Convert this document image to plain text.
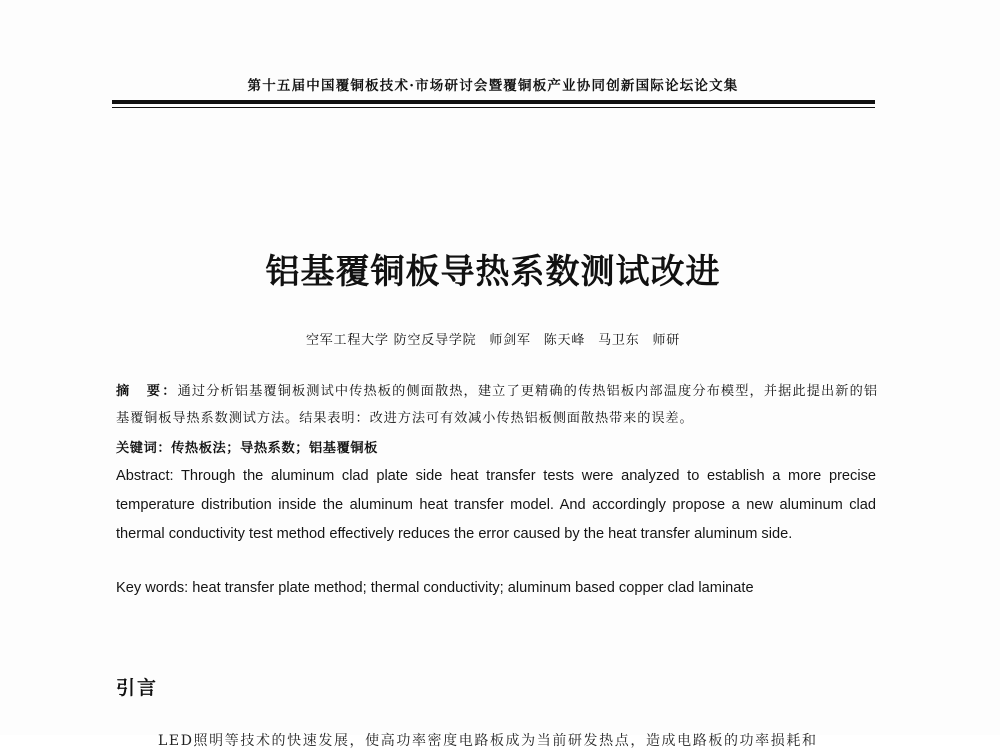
第十五届中国覆铜板技术·市场研讨会暨覆铜板产业协同创新国际论坛论文集
铝基覆铜板导热系数测试改进
空军工程大学 防空反导学院 师剑军 陈天峰 马卫东 师研
摘　要：通过分析铝基覆铜板测试中传热板的侧面散热，建立了更精确的传热铝板内部温度分布模型，并据此提出新的铝基覆铜板导热系数测试方法。结果表明：改进方法可有效减小传热铝板侧面散热带来的误差。
关键词：传热板法；导热系数；铝基覆铜板
Abstract: Through the aluminum clad plate side heat transfer tests were analyzed to establish a more precise temperature distribution inside the aluminum heat transfer model. And accordingly propose a new aluminum clad thermal conductivity test method effectively reduces the error caused by the heat transfer aluminum side.
Key words: heat transfer plate method; thermal conductivity; aluminum based copper clad laminate
引言
LED照明等技术的快速发展，使高功率密度电路板成为当前研发热点，造成电路板的功率损耗和
